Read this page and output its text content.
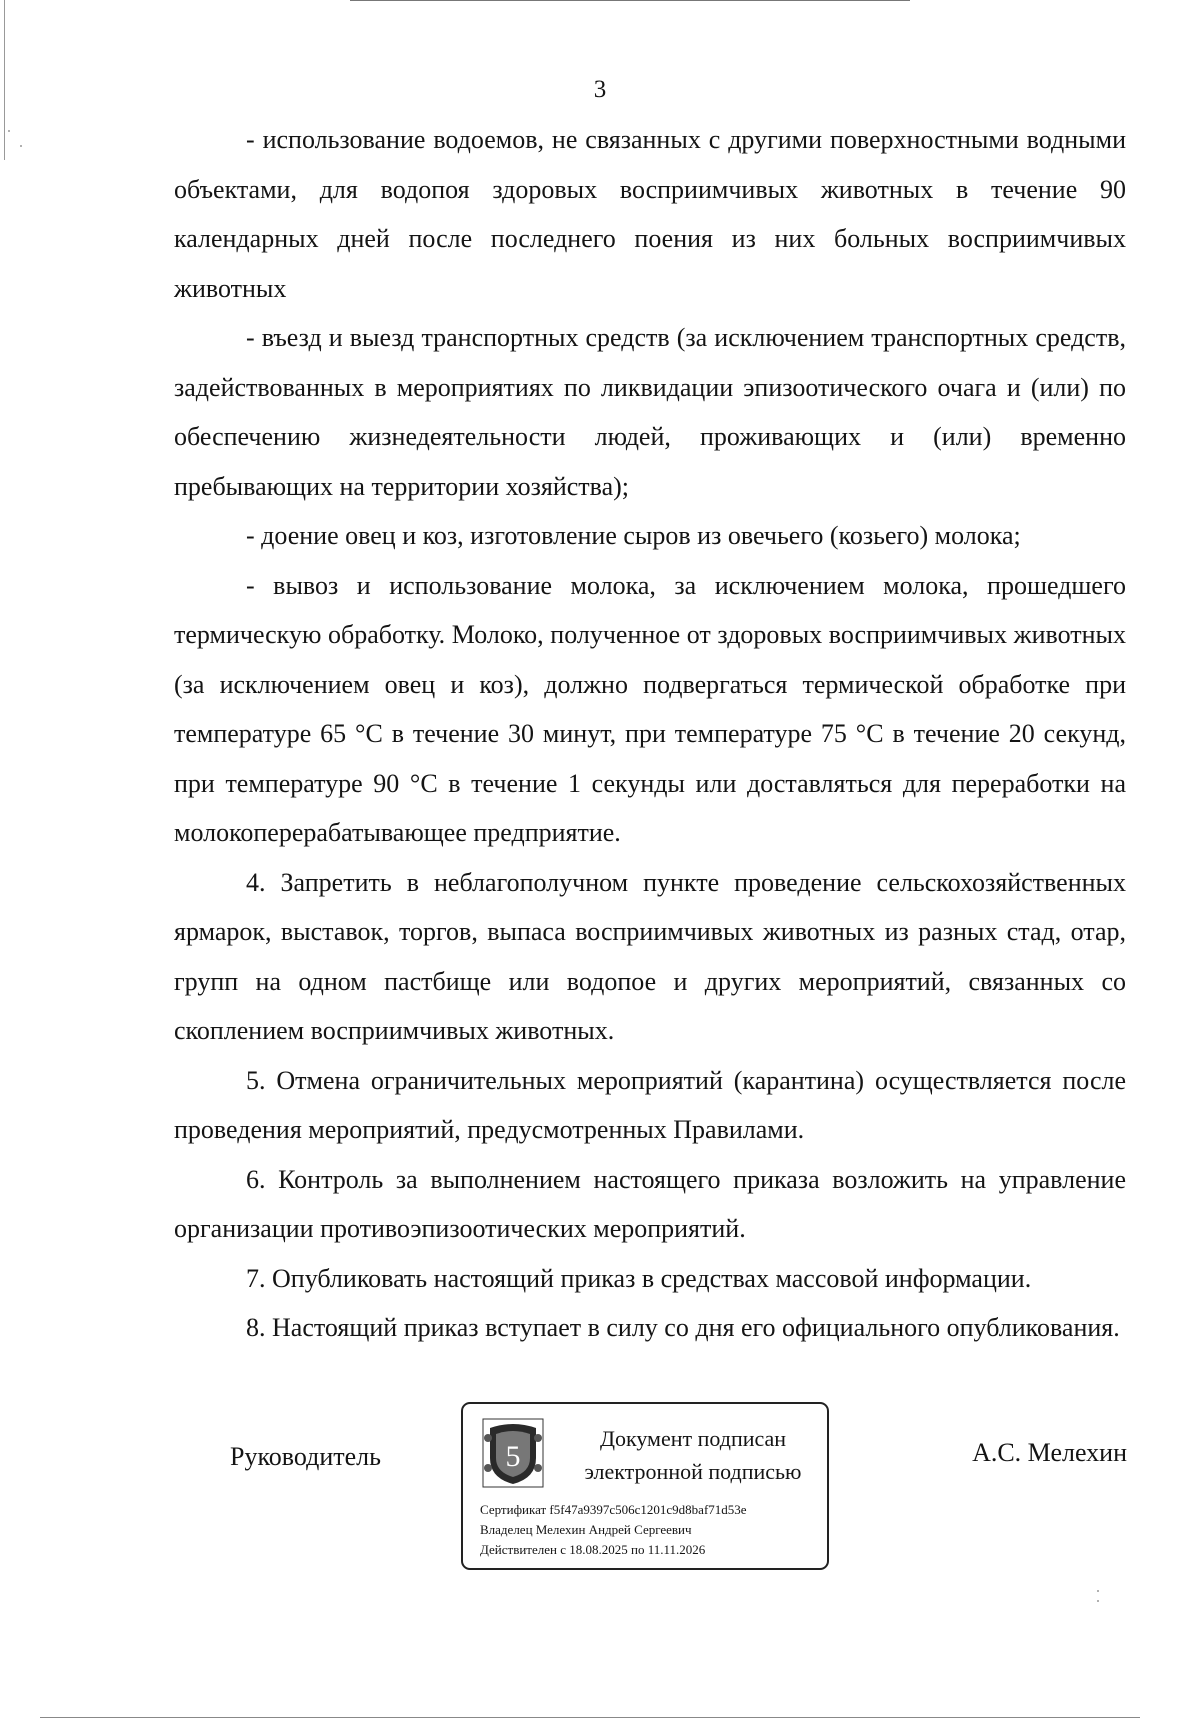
3

- использование водоемов, не связанных с другими поверхностными водными объектами, для водопоя здоровых восприимчивых животных в течение 90 календарных дней после последнего поения из них больных восприимчивых животных

- въезд и выезд транспортных средств (за исключением транспортных средств, задействованных в мероприятиях по ликвидации эпизоотического очага и (или) по обеспечению жизнедеятельности людей, проживающих и (или) временно пребывающих на территории хозяйства);

- доение овец и коз, изготовление сыров из овечьего (козьего) молока;

- вывоз и использование молока, за исключением молока, прошедшего термическую обработку. Молоко, полученное от здоровых восприимчивых животных (за исключением овец и коз), должно подвергаться термической обработке при температуре 65 °С в течение 30 минут, при температуре 75 °С в течение 20 секунд, при температуре 90 °С в течение 1 секунды или доставляться для переработки на молокоперерабатывающее предприятие.

4. Запретить в неблагополучном пункте проведение сельскохозяйственных ярмарок, выставок, торгов, выпаса восприимчивых животных из разных стад, отар, групп на одном пастбище или водопое и других мероприятий, связанных со скоплением восприимчивых животных.

5. Отмена ограничительных мероприятий (карантина) осуществляется после проведения мероприятий, предусмотренных Правилами.

6. Контроль за выполнением настоящего приказа возложить на управление организации противоэпизоотических мероприятий.

7. Опубликовать настоящий приказ в средствах массовой информации.

8. Настоящий приказ вступает в силу со дня его официального опубликования.

Руководитель	5
Документ подписан
электронной подписью
Сертификат f5f47a9397c506c1201c9d8baf71d53e
Владелец Мелехин Андрей Сергеевич
Действителен с 18.08.2025 по 11.11.2026
А.С. Мелехин
